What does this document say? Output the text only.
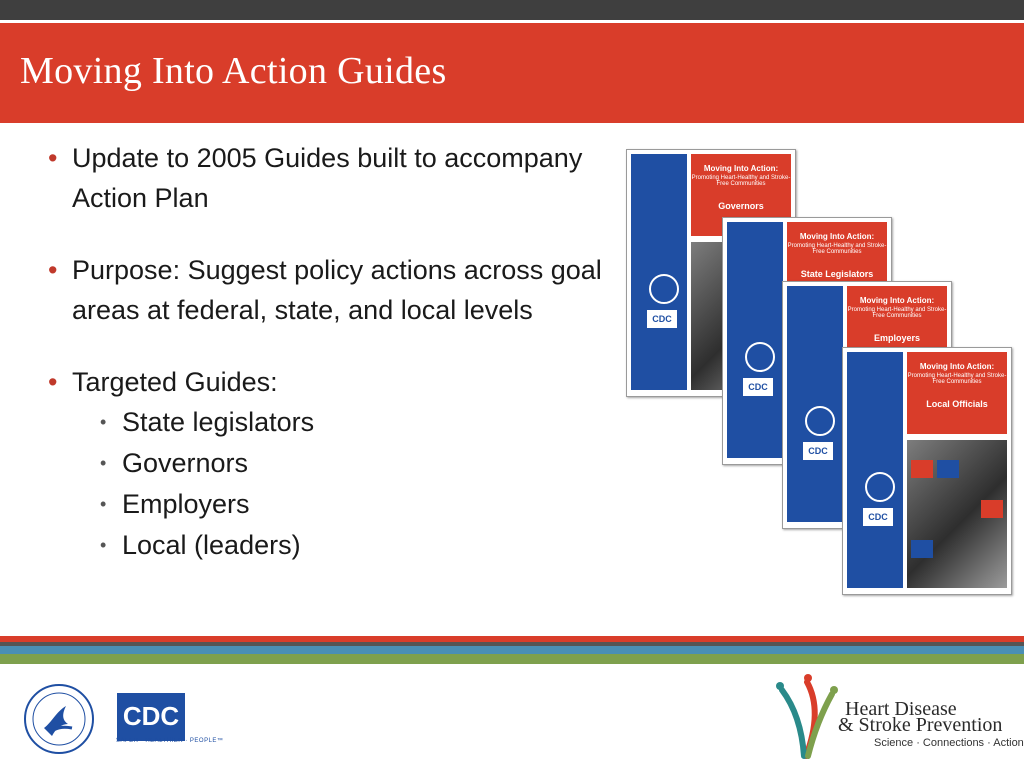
Moving Into Action Guides
• Update to 2005 Guides built to accompany Action Plan
• Purpose: Suggest policy actions across goal areas at federal, state, and local levels
• Targeted Guides:
• State legislators
• Governors
• Employers
• Local (leaders)
CDC
Moving Into Action:
Promoting Heart-Healthy and Stroke-Free Communities
Governors
CDC
Moving Into Action:
Promoting Heart-Healthy and Stroke-Free Communities
State Legislators
CDC
Moving Into Action:
Promoting Heart-Healthy and Stroke-Free Communities
Employers
CDC
Moving Into Action:
Promoting Heart-Healthy and Stroke-Free Communities
Local Officials
CDC
SAFER · HEALTHIER · PEOPLE™
Heart Disease
& Stroke Prevention
Science · Connections · Action
